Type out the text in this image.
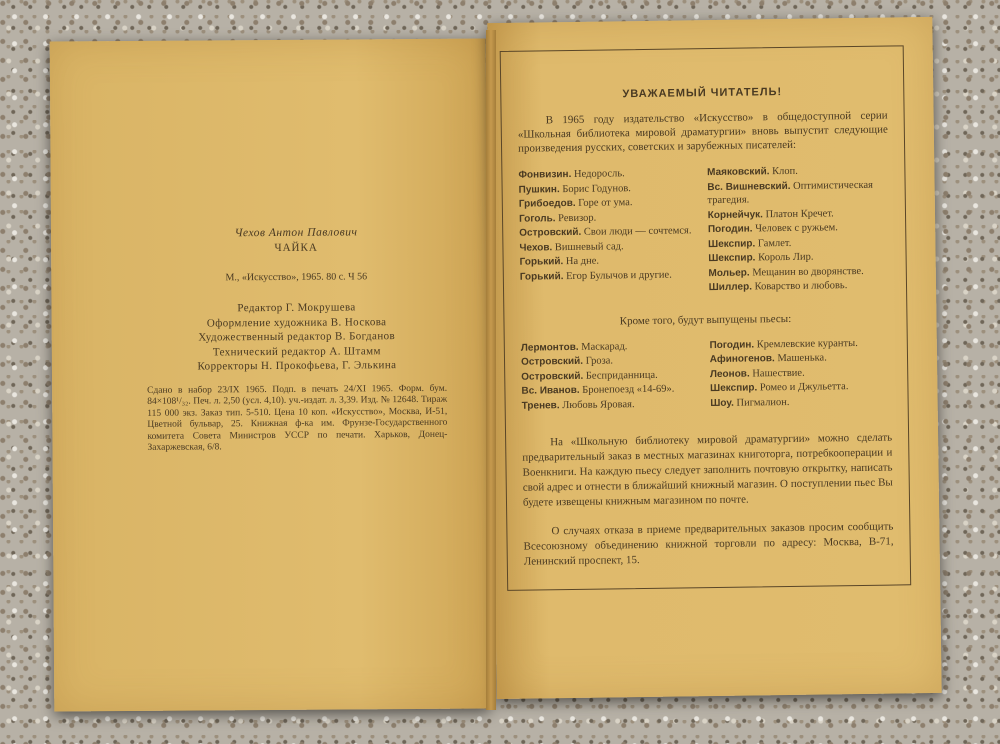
Чехов Антон Павлович
ЧАЙКА
М., «Искусство», 1965. 80 с. Ч 56
Редактор Г. Мокрушева
Оформление художника В. Носкова
Художественный редактор В. Богданов
Технический редактор А. Штамм
Корректоры Н. Прокофьева, Г. Элькина
Сдано в набор 23/IX 1965. Подп. в печать 24/XI 1965. Форм. бум. 84×108¹/₃₂. Печ. л. 2,50 (усл. 4,10). уч.-издат. л. 3,39. Изд. № 12648. Тираж 115 000 экз. Заказ тип. 5-510. Цена 10 коп. «Искусство», Москва, И-51, Цветной бульвар, 25. Книжная ф-ка им. Фрунзе-Государственного комитета Совета Министров УССР по печати. Харьков, Донец-Захаржевская, 6/8.
УВАЖАЕМЫЙ ЧИТАТЕЛЬ!

В 1965 году издательство «Искусство» в общедоступной серии «Школьная библиотека мировой драматургии» вновь выпустит следующие произведения русских, советских и зарубежных писателей:

Фонвизин. Недоросль.
Пушкин. Борис Годунов.
Грибоедов. Горе от ума.
Гоголь. Ревизор.
Островский. Свои люди — сочтемся.
Чехов. Вишневый сад.
Горький. На дне.
Горький. Егор Булычов и другие.
Маяковский. Клоп.
Вс. Вишневский. Оптимистическая трагедия.
Корнейчук. Платон Кречет.
Погодин. Человек с ружьем.
Шекспир. Гамлет.
Шекспир. Король Лир.
Мольер. Мещанин во дворянстве.
Шиллер. Коварство и любовь.
Кроме того, будут выпущены пьесы:
Лермонтов. Маскарад.
Островский. Гроза.
Островский. Бесприданница.
Вс. Иванов. Бронепоезд «14-69».
Тренев. Любовь Яровая.
Погодин. Кремлевские куранты.
Афиногенов. Машенька.
Леонов. Нашествие.
Шекспир. Ромео и Джульетта.
Шоу. Пигмалион.

На «Школьную библиотеку мировой драматургии» можно сделать предварительный заказ в местных магазинах книготорга, потребкооперации и Военкниги. На каждую пьесу следует заполнить почтовую открытку, написать свой адрес и отнести в ближайший книжный магазин. О поступлении пьес Вы будете извещены книжным магазином по почте.

О случаях отказа в приеме предварительных заказов просим сообщить Всесоюзному объединению книжной торговли по адресу: Москва, В-71, Ленинский проспект, 15.
